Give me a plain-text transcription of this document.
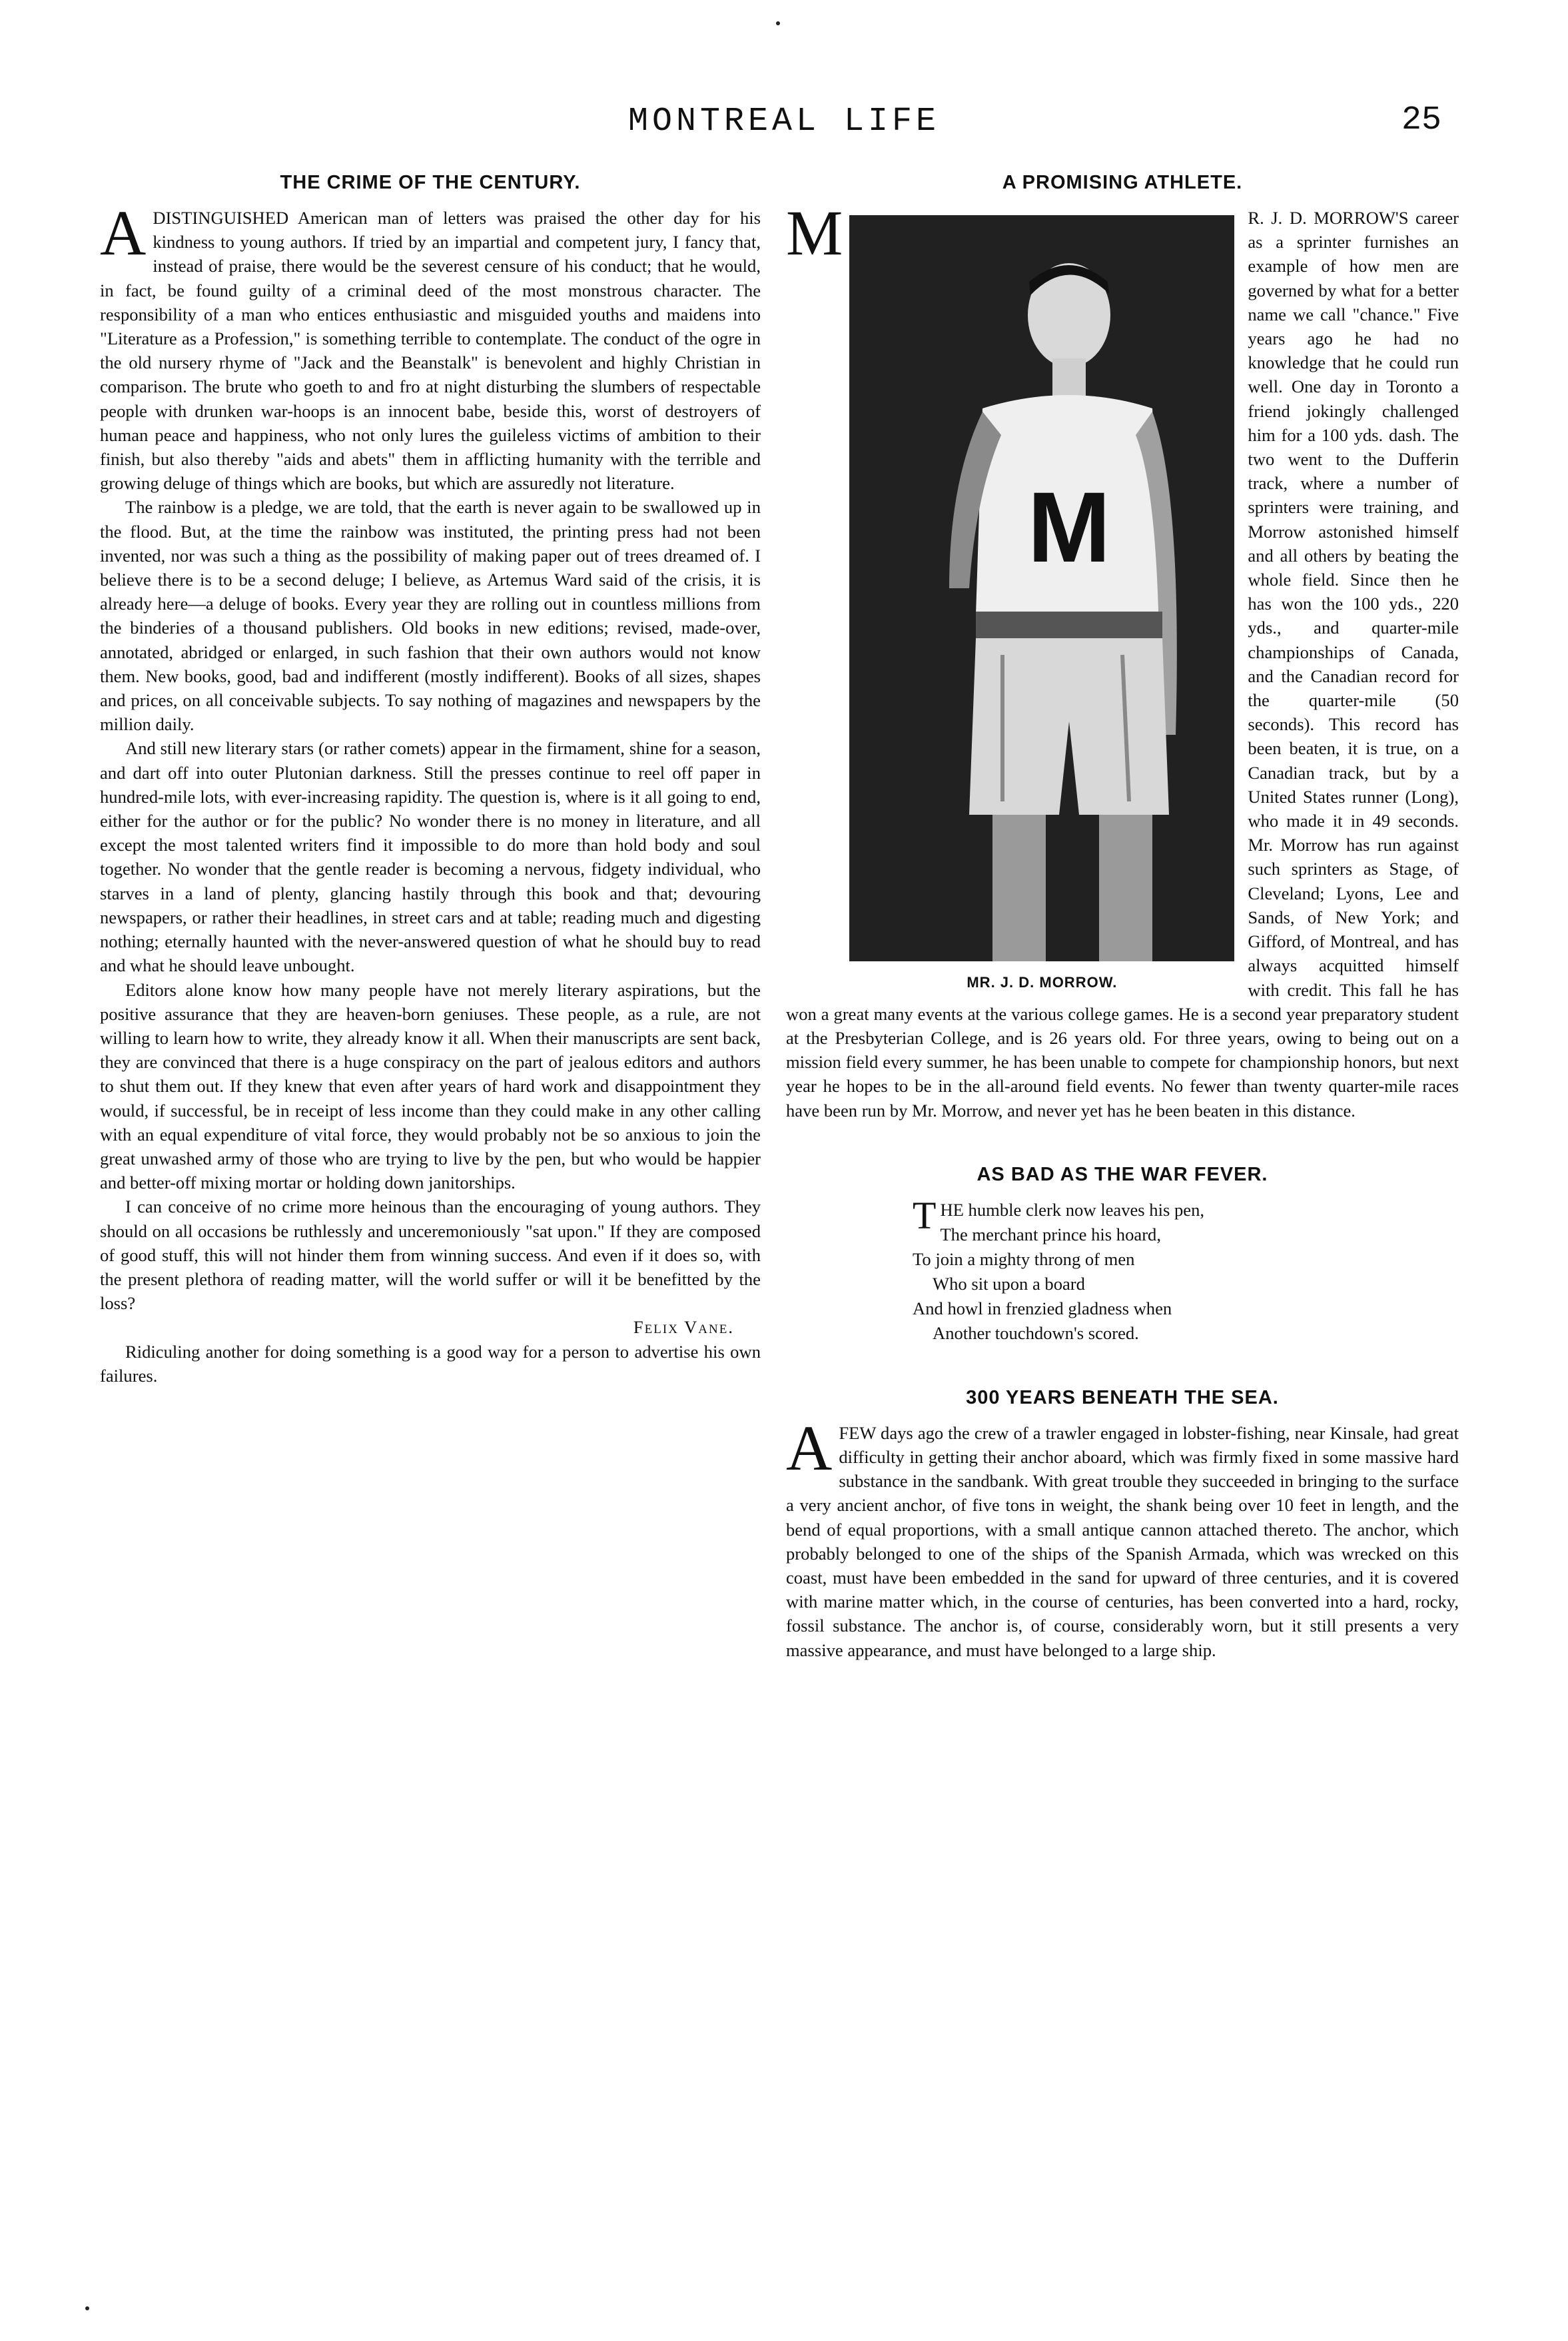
MONTREAL LIFE	25
THE CRIME OF THE CENTURY.

ADISTINGUISHED American man of letters was praised the other day for his kindness to young authors. If tried by an impartial and competent jury, I fancy that, instead of praise, there would be the severest censure of his conduct; that he would, in fact, be found guilty of a criminal deed of the most monstrous character. The responsibility of a man who entices enthusiastic and misguided youths and maidens into "Literature as a Profession," is something terrible to contemplate. The conduct of the ogre in the old nursery rhyme of "Jack and the Beanstalk" is benevolent and highly Christian in comparison. The brute who goeth to and fro at night disturbing the slumbers of respectable people with drunken war-hoops is an innocent babe, beside this, worst of destroyers of human peace and happiness, who not only lures the guileless victims of ambition to their finish, but also thereby "aids and abets" them in afflicting humanity with the terrible and growing deluge of things which are books, but which are assuredly not literature.

The rainbow is a pledge, we are told, that the earth is never again to be swallowed up in the flood. But, at the time the rainbow was instituted, the printing press had not been invented, nor was such a thing as the possibility of making paper out of trees dreamed of. I believe there is to be a second deluge; I believe, as Artemus Ward said of the crisis, it is already here—a deluge of books. Every year they are rolling out in countless millions from the binderies of a thousand publishers. Old books in new editions; revised, made-over, annotated, abridged or enlarged, in such fashion that their own authors would not know them. New books, good, bad and indifferent (mostly indifferent). Books of all sizes, shapes and prices, on all conceivable subjects. To say nothing of magazines and newspapers by the million daily.

And still new literary stars (or rather comets) appear in the firmament, shine for a season, and dart off into outer Plutonian darkness. Still the presses continue to reel off paper in hundred-mile lots, with ever-increasing rapidity. The question is, where is it all going to end, either for the author or for the public? No wonder there is no money in literature, and all except the most talented writers find it impossible to do more than hold body and soul together. No wonder that the gentle reader is becoming a nervous, fidgety individual, who starves in a land of plenty, glancing hastily through this book and that; devouring newspapers, or rather their headlines, in street cars and at table; reading much and digesting nothing; eternally haunted with the never-answered question of what he should buy to read and what he should leave unbought.

Editors alone know how many people have not merely literary aspirations, but the positive assurance that they are heaven-born geniuses. These people, as a rule, are not willing to learn how to write, they already know it all. When their manuscripts are sent back, they are convinced that there is a huge conspiracy on the part of jealous editors and authors to shut them out. If they knew that even after years of hard work and disappointment they would, if successful, be in receipt of less income than they could make in any other calling with an equal expenditure of vital force, they would probably not be so anxious to join the great unwashed army of those who are trying to live by the pen, but who would be happier and better-off mixing mortar or holding down janitorships.

I can conceive of no crime more heinous than the encouraging of young authors. They should on all occasions be ruthlessly and unceremoniously "sat upon." If they are composed of good stuff, this will not hinder them from winning success. And even if it does so, with the present plethora of reading matter, will the world suffer or will it be benefitted by the loss?

Felix Vane.

Ridiculing another for doing something is a good way for a person to advertise his own failures.

A PROMISING ATHLETE.

M
M
MR. J. D. MORROW.
R. J. D. MORROW'S career as a sprinter furnishes an example of how men are governed by what for a better name we call "chance." Five years ago he had no knowledge that he could run well. One day in Toronto a friend jokingly challenged him for a 100 yds. dash. The two went to the Dufferin track, where a number of sprinters were training, and Morrow astonished himself and all others by beating the whole field. Since then he has won the 100 yds., 220 yds., and quarter-mile championships of Canada, and the Canadian record for the quarter-mile (50 seconds). This record has been beaten, it is true, on a Canadian track, but by a United States runner (Long), who made it in 49 seconds. Mr. Morrow has run against such sprinters as Stage, of Cleveland; Lyons, Lee and Sands, of New York; and Gifford, of Montreal, and has always acquitted himself with credit. This fall he has won a great many events at the various college games. He is a second year preparatory student at the Presbyterian College, and is 26 years old. For three years, owing to being out on a mission field every summer, he has been unable to compete for championship honors, but next year he hopes to be in the all-around field events. No fewer than twenty quarter-mile races have been run by Mr. Morrow, and never yet has he been beaten in this distance.

AS BAD AS THE WAR FEVER.
THE humble clerk now leaves his pen,
The merchant prince his hoard,
To join a mighty throng of men
Who sit upon a board
And howl in frenzied gladness when
Another touchdown's scored.
300 YEARS BENEATH THE SEA.

AFEW days ago the crew of a trawler engaged in lobster-fishing, near Kinsale, had great difficulty in getting their anchor aboard, which was firmly fixed in some massive hard substance in the sandbank. With great trouble they succeeded in bringing to the surface a very ancient anchor, of five tons in weight, the shank being over 10 feet in length, and the bend of equal proportions, with a small antique cannon attached thereto. The anchor, which probably belonged to one of the ships of the Spanish Armada, which was wrecked on this coast, must have been embedded in the sand for upward of three centuries, and it is covered with marine matter which, in the course of centuries, has been converted into a hard, rocky, fossil substance. The anchor is, of course, considerably worn, but it still presents a very massive appearance, and must have belonged to a large ship.
